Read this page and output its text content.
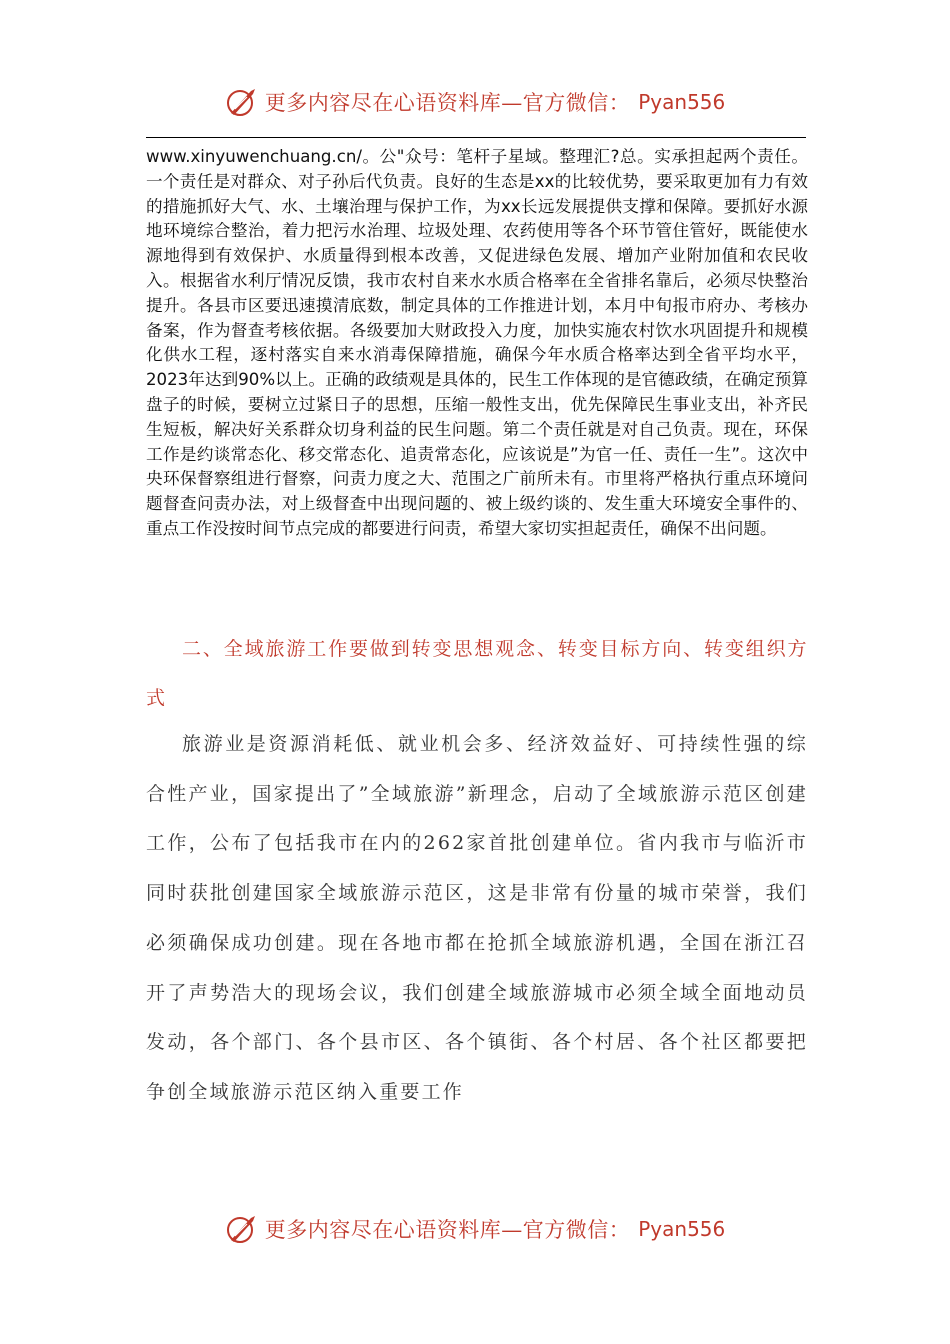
更多内容尽在心语资料库—官方微信： Pyan556

www.xinyuwenchuang.cn/。公"众号：笔杆子星域。整理汇?总。实承担起两个责任。一个责任是对群众、对子孙后代负责。良好的生态是xx的比较优势，要采取更加有力有效的措施抓好大气、水、土壤治理与保护工作，为xx长远发展提供支撑和保障。要抓好水源地环境综合整治，着力把污水治理、垃圾处理、农药使用等各个环节管住管好，既能使水源地得到有效保护、水质量得到根本改善，又促进绿色发展、增加产业附加值和农民收入。根据省水利厅情况反馈，我市农村自来水水质合格率在全省排名靠后，必须尽快整治提升。各县市区要迅速摸清底数，制定具体的工作推进计划，本月中旬报市府办、考核办备案，作为督查考核依据。各级要加大财政投入力度，加快实施农村饮水巩固提升和规模化供水工程，逐村落实自来水消毒保障措施，确保今年水质合格率达到全省平均水平，2023年达到90%以上。正确的政绩观是具体的，民生工作体现的是官德政绩，在确定预算盘子的时候，要树立过紧日子的思想，压缩一般性支出，优先保障民生事业支出，补齐民生短板，解决好关系群众切身利益的民生问题。第二个责任就是对自己负责。现在，环保工作是约谈常态化、移交常态化、追责常态化，应该说是”为官一任、责任一生”。这次中央环保督察组进行督察，问责力度之大、范围之广前所未有。市里将严格执行重点环境问题督查问责办法，对上级督查中出现问题的、被上级约谈的、发生重大环境安全事件的、重点工作没按时间节点完成的都要进行问责，希望大家切实担起责任，确保不出问题。

二、全域旅游工作要做到转变思想观念、转变目标方向、转变组织方式

旅游业是资源消耗低、就业机会多、经济效益好、可持续性强的综合性产业，国家提出了”全域旅游”新理念，启动了全域旅游示范区创建工作，公布了包括我市在内的262家首批创建单位。省内我市与临沂市同时获批创建国家全域旅游示范区，这是非常有份量的城市荣誉，我们必须确保成功创建。现在各地市都在抢抓全域旅游机遇，全国在浙江召开了声势浩大的现场会议，我们创建全域旅游城市必须全域全面地动员发动，各个部门、各个县市区、各个镇街、各个村居、各个社区都要把争创全域旅游示范区纳入重要工作

更多内容尽在心语资料库—官方微信： Pyan556
